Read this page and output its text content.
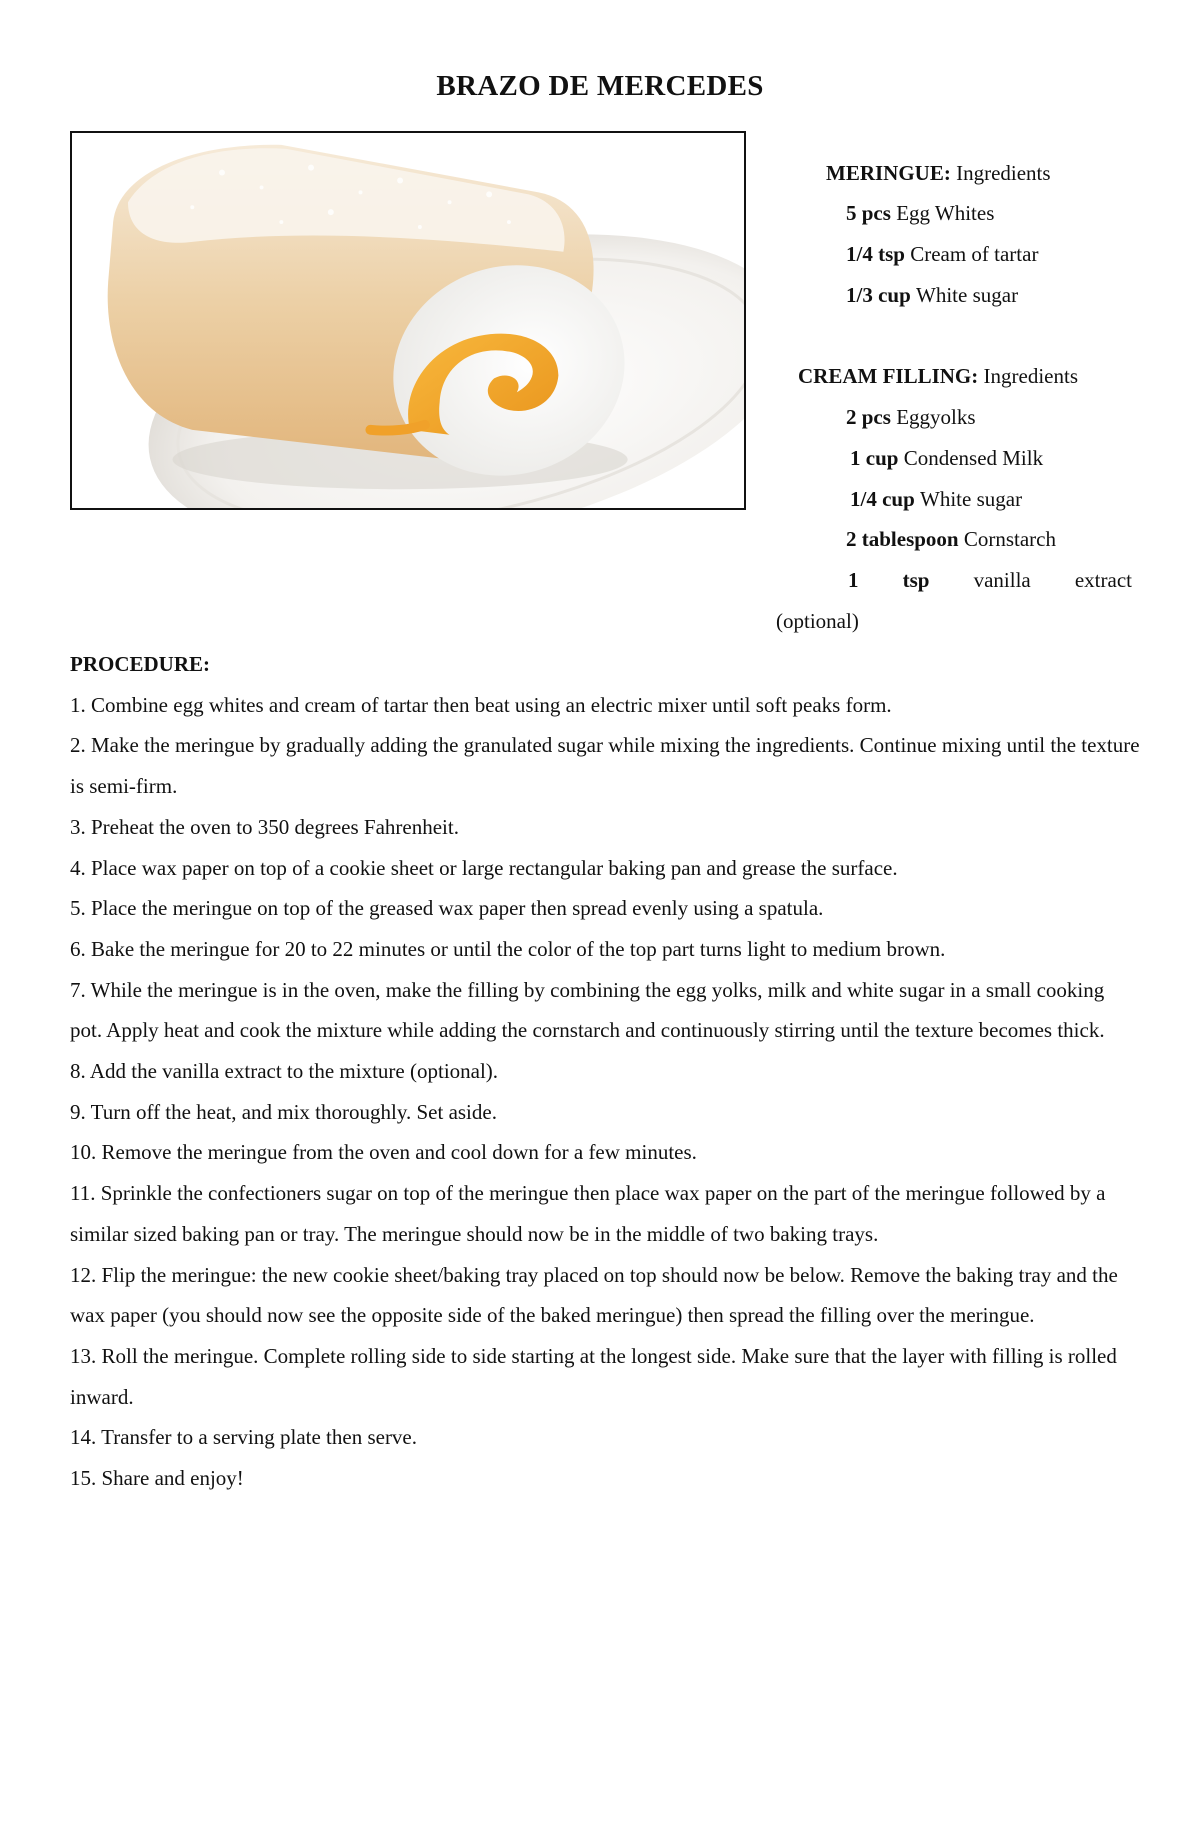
BRAZO DE MERCEDES
MERINGUE: Ingredients
5 pcs Egg Whites
1/4 tsp Cream of tartar
1/3 cup White sugar
CREAM FILLING: Ingredients
2 pcs Eggyolks
1 cup Condensed Milk
1/4 cup White sugar
2 tablespoon Cornstarch
1 tsp vanilla extract
(optional)
PROCEDURE:
1. Combine egg whites and cream of tartar then beat using an electric mixer until soft peaks form.
2. Make the meringue by gradually adding the granulated sugar while mixing the ingredients. Continue mixing until the texture is semi-firm.
3. Preheat the oven to 350 degrees Fahrenheit.
4. Place wax paper on top of a cookie sheet or large rectangular baking pan and grease the surface.
5. Place the meringue on top of the greased wax paper then spread evenly using a spatula.
6. Bake the meringue for 20 to 22 minutes or until the color of the top part turns light to medium brown.
7. While the meringue is in the oven, make the filling by combining the egg yolks, milk and white sugar in a small cooking pot. Apply heat and cook the mixture while adding the cornstarch and continuously stirring until the texture becomes thick.
8. Add the vanilla extract to the mixture (optional).
9. Turn off the heat, and mix thoroughly. Set aside.
10. Remove the meringue from the oven and cool down for a few minutes.
11. Sprinkle the confectioners sugar on top of the meringue then place wax paper on the part of the meringue followed by a similar sized baking pan or tray. The meringue should now be in the middle of two baking trays.
12. Flip the meringue: the new cookie sheet/baking tray placed on top should now be below. Remove the baking tray and the wax paper (you should now see the opposite side of the baked meringue) then spread the filling over the meringue.
13. Roll the meringue. Complete rolling side to side starting at the longest side. Make sure that the layer with filling is rolled inward.
14. Transfer to a serving plate then serve.
15. Share and enjoy!
